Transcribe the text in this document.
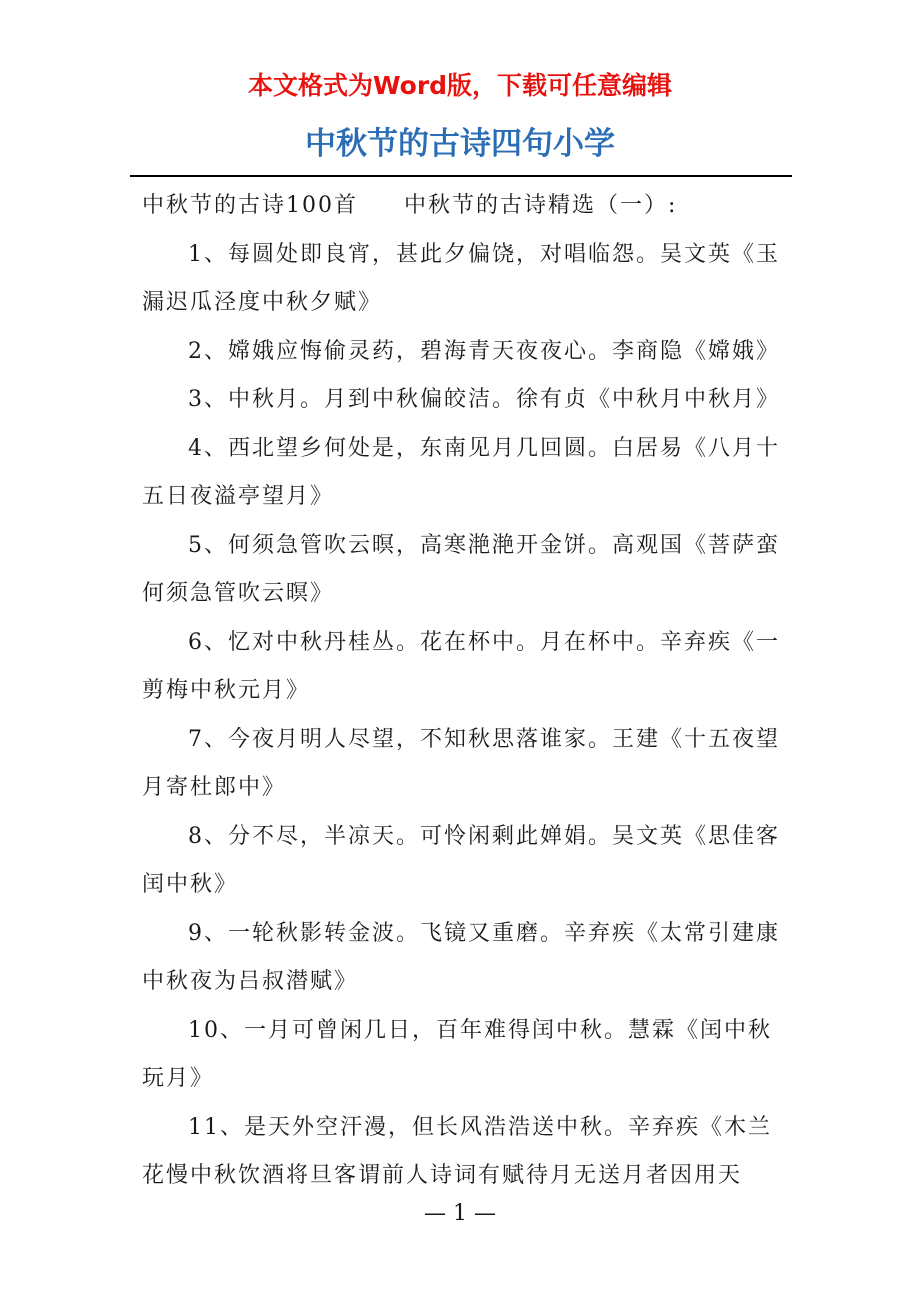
本文格式为Word版，下载可任意编辑

中秋节的古诗四句小学

中秋节的古诗100首 中秋节的古诗精选（一）:

1、每圆处即良宵，甚此夕偏饶，对唱临怨。吴文英《玉漏迟瓜泾度中秋夕赋》

2、嫦娥应悔偷灵药，碧海青天夜夜心。李商隐《嫦娥》

3、中秋月。月到中秋偏皎洁。徐有贞《中秋月中秋月》

4、西北望乡何处是，东南见月几回圆。白居易《八月十五日夜溢亭望月》

5、何须急管吹云暝，高寒滟滟开金饼。高观国《菩萨蛮何须急管吹云暝》

6、忆对中秋丹桂丛。花在杯中。月在杯中。辛弃疾《一剪梅中秋元月》

7、今夜月明人尽望，不知秋思落谁家。王建《十五夜望月寄杜郎中》

8、分不尽，半凉天。可怜闲剩此婵娟。吴文英《思佳客闰中秋》

9、一轮秋影转金波。飞镜又重磨。辛弃疾《太常引建康中秋夜为吕叔潜赋》

10、一月可曾闲几日，百年难得闰中秋。慧霖《闰中秋玩月》

11、是天外空汗漫，但长风浩浩送中秋。辛弃疾《木兰花慢中秋饮酒将旦客谓前人诗词有赋待月无送月者因用天

— 1 —
